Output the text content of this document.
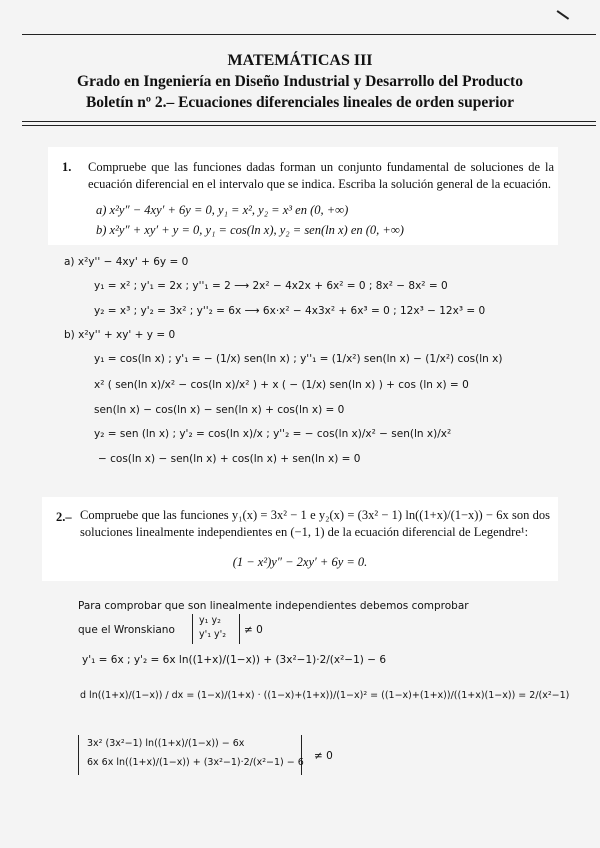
MATEMÁTICAS III
Grado en Ingeniería en Diseño Industrial y Desarrollo del Producto
Boletín nº 2.– Ecuaciones diferenciales lineales de orden superior
1. Compruebe que las funciones dadas forman un conjunto fundamental de soluciones de la ecuación diferencial en el intervalo que se indica. Escriba la solución general de la ecuación.
a) x²y″ − 4xy′ + 6y = 0, y₁ = x², y₂ = x³ en (0, +∞)
b) x²y″ + xy′ + y = 0, y₁ = cos(ln x), y₂ = sen(ln x) en (0, +∞)
a) x²y'' − 4xy' + 6y = 0
y₁ = x² ; y'₁ = 2x ; y''₁ = 2 ⟶ 2x² − 4x2x + 6x² = 0 ; 8x² − 8x² = 0
y₂ = x³ ; y'₂ = 3x² ; y''₂ = 6x ⟶ 6x·x² − 4x3x² + 6x³ = 0 ; 12x³ − 12x³ = 0
b) x²y'' + xy' + y = 0
y₁ = cos(ln x) ; y'₁ = − (1/x) sen(ln x) ; y''₁ = (1/x²) sen(ln x) − (1/x²) cos(ln x)
x² ( sen(ln x)/x² − cos(ln x)/x² ) + x ( − (1/x) sen(ln x) ) + cos (ln x) = 0
sen(ln x) − cos(ln x) − sen(ln x) + cos(ln x) = 0
y₂ = sen (ln x) ; y'₂ = cos(ln x)/x ; y''₂ = − cos(ln x)/x² − sen(ln x)/x²
− cos(ln x) − sen(ln x) + cos(ln x) + sen(ln x) = 0
2.– Compruebe que las funciones y₁(x) = 3x² − 1 e y₂(x) = (3x² − 1) ln((1+x)/(1−x)) − 6x son dos soluciones linealmente independientes en (−1, 1) de la ecuación diferencial de Legendre¹:
(1 − x²)y″ − 2xy′ + 6y = 0.
Para comprobar que son linealmente independientes debemos comprobar
que el Wronskiano
y₁ y₂
y'₁ y'₂ ≠ 0
y'₁ = 6x ; y'₂ = 6x ln((1+x)/(1−x)) + (3x²−1)·2/(x²−1) − 6
d ln((1+x)/(1−x)) / dx = (1−x)/(1+x) · ((1−x)+(1+x))/(1−x)² = ((1−x)+(1+x))/((1+x)(1−x)) = 2/(x²−1)
3x² (3x²−1) ln((1+x)/(1−x)) − 6x
6x 6x ln((1+x)/(1−x)) + (3x²−1)·2/(x²−1) − 6
≠ 0
